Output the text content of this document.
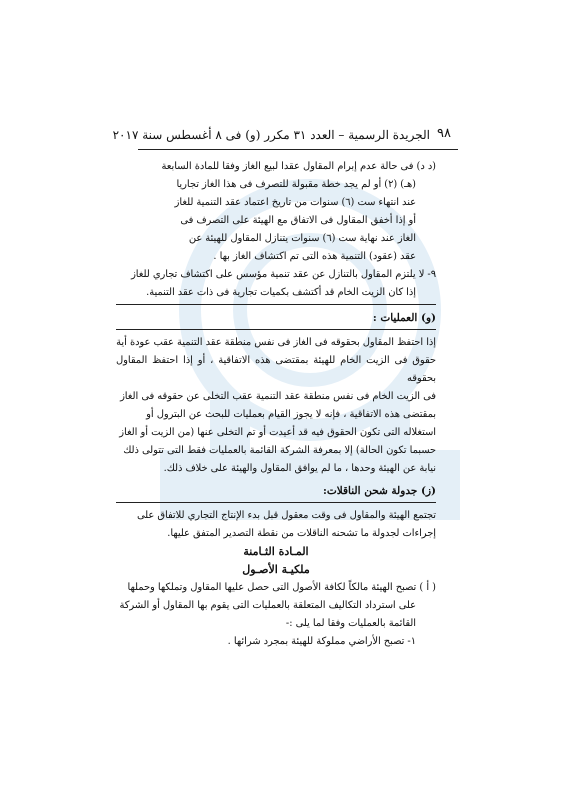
٩٨
الجريدة الرسمية – العدد ٣١ مكرر (و) فى ٨ أغسطس سنة ٢٠١٧

(د د) فى حالة عدم إبرام المقاول عقدا لبيع الغاز وفقا للمادة السابعة

(هـ) (٢) أو لم يجد خطة مقبولة للتصرف فى هذا الغاز تجاريا

عند انتهاء ست (٦) سنوات من تاريخ اعتماد عقد التنمية للغاز

أو إذا أخفق المقاول فى الاتفاق مع الهيئة على التصرف فى

الغاز عند نهاية ست (٦) سنوات يتنازل المقاول للهيئة عن

عقد (عقود) التنمية هذه التى تم اكتشاف الغاز بها .

٩- لا يلتزم المقاول بالتنازل عن عقد تنمية مؤسس على اكتشاف تجاري للغاز

إذا كان الزيت الخام قد أكتشف بكميات تجارية فى ذات عقد التنمية.

(و) العمليات :

إذا احتفظ المقاول بحقوقه فى الغاز فى نفس منطقة عقد التنمية عقب عودة أية

حقوق فى الزيت الخام للهيئة بمقتضى هذه الاتفاقية ، أو إذا احتفظ المقاول بحقوقه

فى الزيت الخام فى نفس منطقة عقد التنمية عقب التخلى عن حقوقه فى الغاز

بمقتضى هذه الاتفاقية ، فإنه لا يجوز القيام بعمليات للبحث عن البترول أو

استغلاله التى تكون الحقوق فيه قد أعيدت أو تم التخلى عنها (من الزيت أو الغاز

حسبما تكون الحالة) إلا بمعرفة الشركة القائمة بالعمليات فقط التى تتولى ذلك

نيابة عن الهيئة وحدها ، ما لم يوافق المقاول والهيئة على خلاف ذلك.

(ز) جدولة شحن الناقلات:

تجتمع الهيئة والمقاول فى وقت معقول قبل بدء الإنتاج التجاري للاتفاق على

إجراءات لجدولة ما تشحنه الناقلات من نقطة التصدير المتفق عليها.

المـادة الثـامنة

ملكيـة الأصـول

( أ ) تصبح الهيئة مالكاً لكافة الأصول التى حصل عليها المقاول وتملكها وحملها

على استرداد التكاليف المتعلقة بالعمليات التى يقوم بها المقاول أو الشركة

القائمة بالعمليات وفقا لما يلى :-

١- تصبح الأراضي مملوكة للهيئة بمجرد شرائها .
